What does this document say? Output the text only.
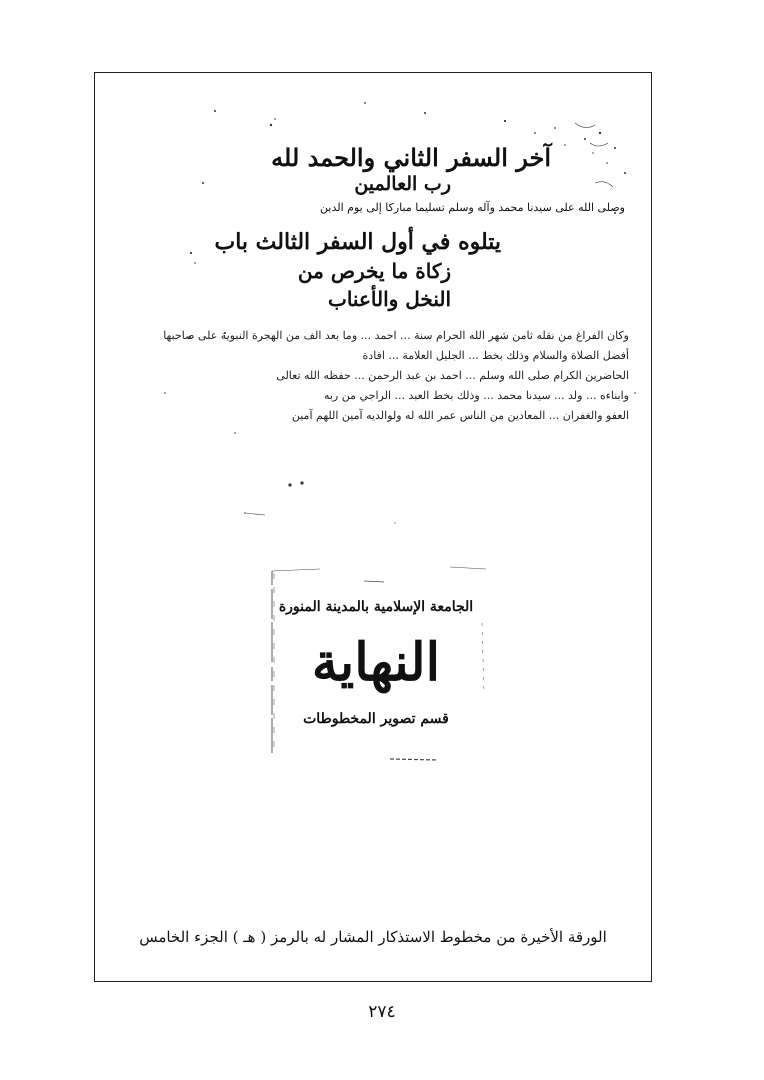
آخر السفر الثاني والحمد لله
رب العالمين
وصلى الله على سيدنا محمد وآله وسلم تسليما مباركا إلى يوم الدين
يتلوه في أول السفر الثالث باب
زكاة ما يخرص من
النخل والأعناب
وكان الفراغ من نقله ثامن شهر الله الحرام سنة ... احمد ... وما بعد الف من الهجرة النبوية على صاحبها
أفضل الصلاة والسلام وذلك بخط ... الجليل العلامة ... افادة
الحاضرين الكرام صلى الله وسلم ... احمد بن عبد الرحمن ... حفظه الله تعالى
وابناءه ... ولد ... سيدنا محمد ... وذلك بخط العبد ... الراجي من ربه
العفو والغفران ... المعادين من الناس عمر الله له ولوالديه آمين اللهم آمين
الجامعة الإسلامية بالمدينة المنورة
النهاية
قسم تصوير المخطوطات
الورقة الأخيرة من مخطوط الاستذكار المشار له بالرمز ( هـ ) الجزء الخامس
٢٧٤
